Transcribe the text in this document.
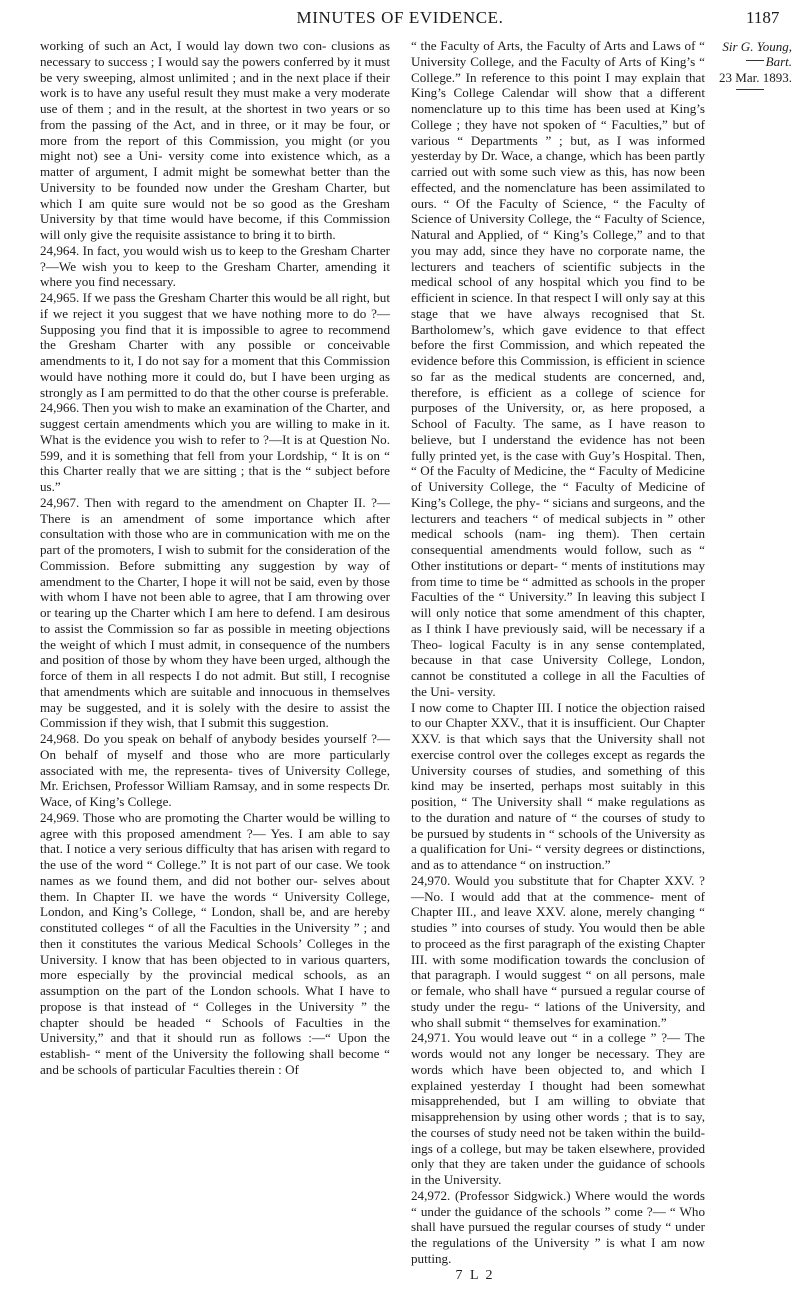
MINUTES OF EVIDENCE.	1187
Sir G. Young, Bart.
23 Mar. 1893.

working of such an Act, I would lay down two con- clusions as necessary to success ; I would say the powers conferred by it must be very sweeping, almost unlimited ; and in the next place if their work is to have any useful result they must make a very moderate use of them ; and in the result, at the shortest in two years or so from the passing of the Act, and in three, or it may be four, or more from the report of this Commission, you might (or you might not) see a Uni- versity come into existence which, as a matter of argument, I admit might be somewhat better than the University to be founded now under the Gresham Charter, but which I am quite sure would not be so good as the Gresham University by that time would have become, if this Commission will only give the requisite assistance to bring it to birth.

24,964. In fact, you would wish us to keep to the Gresham Charter ?—We wish you to keep to the Gresham Charter, amending it where you find necessary.

24,965. If we pass the Gresham Charter this would be all right, but if we reject it you suggest that we have nothing more to do ?—Supposing you find that it is impossible to agree to recommend the Gresham Charter with any possible or conceivable amendments to it, I do not say for a moment that this Commission would have nothing more it could do, but I have been urging as strongly as I am permitted to do that the other course is preferable.

24,966. Then you wish to make an examination of the Charter, and suggest certain amendments which you are willing to make in it. What is the evidence you wish to refer to ?—It is at Question No. 599, and it is something that fell from your Lordship, “ It is on “ this Charter really that we are sitting ; that is the “ subject before us.”

24,967. Then with regard to the amendment on Chapter II. ?—There is an amendment of some importance which after consultation with those who are in communication with me on the part of the promoters, I wish to submit for the consideration of the Commission. Before submitting any suggestion by way of amendment to the Charter, I hope it will not be said, even by those with whom I have not been able to agree, that I am throwing over or tearing up the Charter which I am here to defend. I am desirous to assist the Commission so far as possible in meeting objections the weight of which I must admit, in consequence of the numbers and position of those by whom they have been urged, although the force of them in all respects I do not admit. But still, I recognise that amendments which are suitable and innocuous in themselves may be suggested, and it is solely with the desire to assist the Commission if they wish, that I submit this suggestion.

24,968. Do you speak on behalf of anybody besides yourself ?—On behalf of myself and those who are more particularly associated with me, the representa- tives of University College, Mr. Erichsen, Professor William Ramsay, and in some respects Dr. Wace, of King’s College.

24,969. Those who are promoting the Charter would be willing to agree with this proposed amendment ?— Yes. I am able to say that. I notice a very serious difficulty that has arisen with regard to the use of the word “ College.” It is not part of our case. We took names as we found them, and did not bother our- selves about them. In Chapter II. we have the words “ University College, London, and King’s College, “ London, shall be, and are hereby constituted colleges “ of all the Faculties in the University ” ; and then it constitutes the various Medical Schools’ Colleges in the University. I know that has been objected to in various quarters, more especially by the provincial medical schools, as an assumption on the part of the London schools. What I have to propose is that instead of “ Colleges in the University ” the chapter should be headed “ Schools of Faculties in the University,” and that it should run as follows :—“ Upon the establish- “ ment of the University the following shall become “ and be schools of particular Faculties therein : Of

“ the Faculty of Arts, the Faculty of Arts and Laws of “ University College, and the Faculty of Arts of King’s “ College.” In reference to this point I may explain that King’s College Calendar will show that a different nomenclature up to this time has been used at King’s College ; they have not spoken of “ Faculties,” but of various “ Departments ” ; but, as I was informed yesterday by Dr. Wace, a change, which has been partly carried out with some such view as this, has now been effected, and the nomenclature has been assimilated to ours. “ Of the Faculty of Science, “ the Faculty of Science of University College, the “ Faculty of Science, Natural and Applied, of “ King’s College,” and to that you may add, since they have no corporate name, the lecturers and teachers of scientific subjects in the medical school of any hospital which you find to be efficient in science. In that respect I will only say at this stage that we have always recognised that St. Bartholomew’s, which gave evidence to that effect before the first Commission, and which repeated the evidence before this Commission, is efficient in science so far as the medical students are concerned, and, therefore, is efficient as a college of science for purposes of the University, or, as here proposed, a School of Faculty. The same, as I have reason to believe, but I understand the evidence has not been fully printed yet, is the case with Guy’s Hospital. Then, “ Of the Faculty of Medicine, the “ Faculty of Medicine of University College, the “ Faculty of Medicine of King’s College, the phy- “ sicians and surgeons, and the lecturers and teachers “ of medical subjects in ” other medical schools (nam- ing them). Then certain consequential amendments would follow, such as “ Other institutions or depart- “ ments of institutions may from time to time be “ admitted as schools in the proper Faculties of the “ University.” In leaving this subject I will only notice that some amendment of this chapter, as I think I have previously said, will be necessary if a Theo- logical Faculty is in any sense contemplated, because in that case University College, London, cannot be constituted a college in all the Faculties of the Uni- versity.

I now come to Chapter III. I notice the objection raised to our Chapter XXV., that it is insufficient. Our Chapter XXV. is that which says that the University shall not exercise control over the colleges except as regards the University courses of studies, and something of this kind may be inserted, perhaps most suitably in this position, “ The University shall “ make regulations as to the duration and nature of “ the courses of study to be pursued by students in “ schools of the University as a qualification for Uni- “ versity degrees or distinctions, and as to attendance “ on instruction.”

24,970. Would you substitute that for Chapter XXV. ?—No. I would add that at the commence- ment of Chapter III., and leave XXV. alone, merely changing “ studies ” into courses of study. You would then be able to proceed as the first paragraph of the existing Chapter III. with some modification towards the conclusion of that paragraph. I would suggest “ on all persons, male or female, who shall have “ pursued a regular course of study under the regu- “ lations of the University, and who shall submit “ themselves for examination.”

24,971. You would leave out “ in a college ” ?— The words would not any longer be necessary. They are words which have been objected to, and which I explained yesterday I thought had been somewhat misapprehended, but I am willing to obviate that misapprehension by using other words ; that is to say, the courses of study need not be taken within the build- ings of a college, but may be taken elsewhere, provided only that they are taken under the guidance of schools in the University.

24,972. (Professor Sidgwick.) Where would the words “ under the guidance of the schools ” come ?— “ Who shall have pursued the regular courses of study “ under the regulations of the University ” is what I am now putting.

7 L 2
